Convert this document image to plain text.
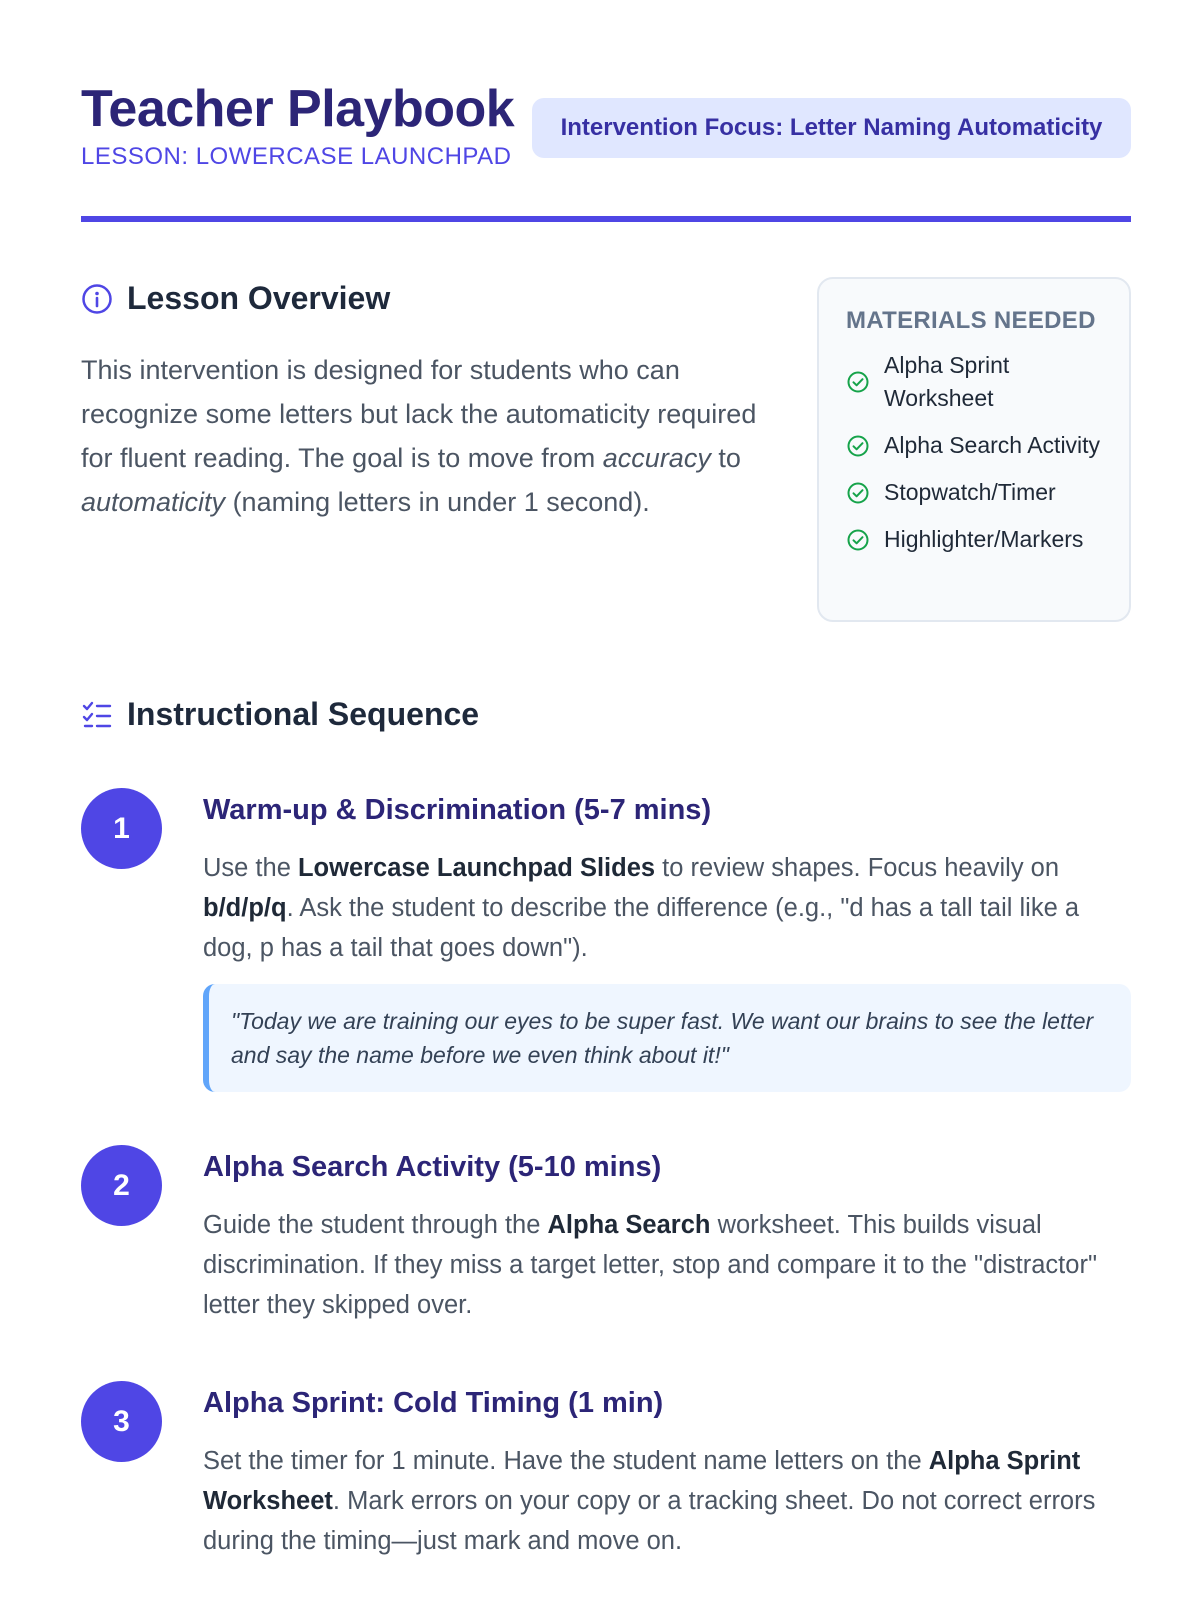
Teacher Playbook
LESSON: LOWERCASE LAUNCHPAD
Intervention Focus: Letter Naming Automaticity
Lesson Overview

This intervention is designed for students who can recognize some letters but lack the automaticity required for fluent reading. The goal is to move from accuracy to automaticity (naming letters in under 1 second).

MATERIALS NEEDED
Alpha Sprint Worksheet
Alpha Search Activity
Stopwatch/Timer
Highlighter/Markers
Instructional Sequence
1
Warm-up & Discrimination (5-7 mins)

Use the Lowercase Launchpad Slides to review shapes. Focus heavily on b/d/p/q. Ask the student to describe the difference (e.g., "d has a tall tail like a dog, p has a tail that goes down").

"Today we are training our eyes to be super fast. We want our brains to see the letter and say the name before we even think about it!"
2
Alpha Search Activity (5-10 mins)

Guide the student through the Alpha Search worksheet. This builds visual discrimination. If they miss a target letter, stop and compare it to the "distractor" letter they skipped over.

3
Alpha Sprint: Cold Timing (1 min)

Set the timer for 1 minute. Have the student name letters on the Alpha Sprint Worksheet. Mark errors on your copy or a tracking sheet. Do not correct errors during the timing—just mark and move on.
